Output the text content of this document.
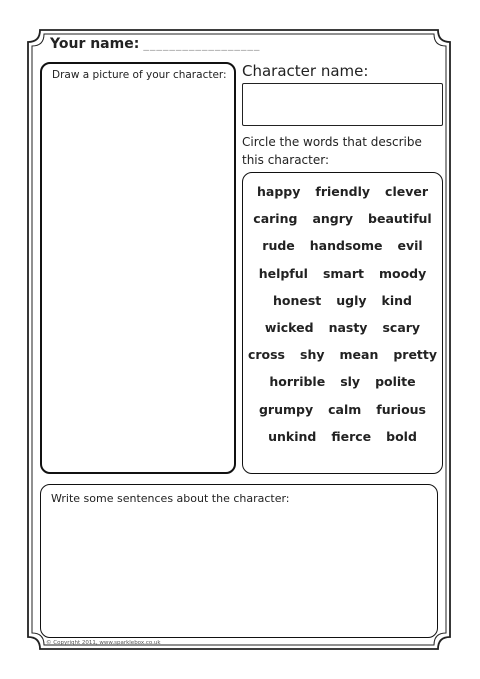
Your name: __________________
Draw a picture of your character: Character name:
Circle the words that describe this character:
happy friendly clever
caring angry beautiful
rude handsome evil
helpful smart moody
honest ugly kind
wicked nasty scary
cross shy mean pretty
horrible sly polite
grumpy calm furious
unkind fierce bold
Write some sentences about the character:
© Copyright 2011, www.sparklebox.co.uk
